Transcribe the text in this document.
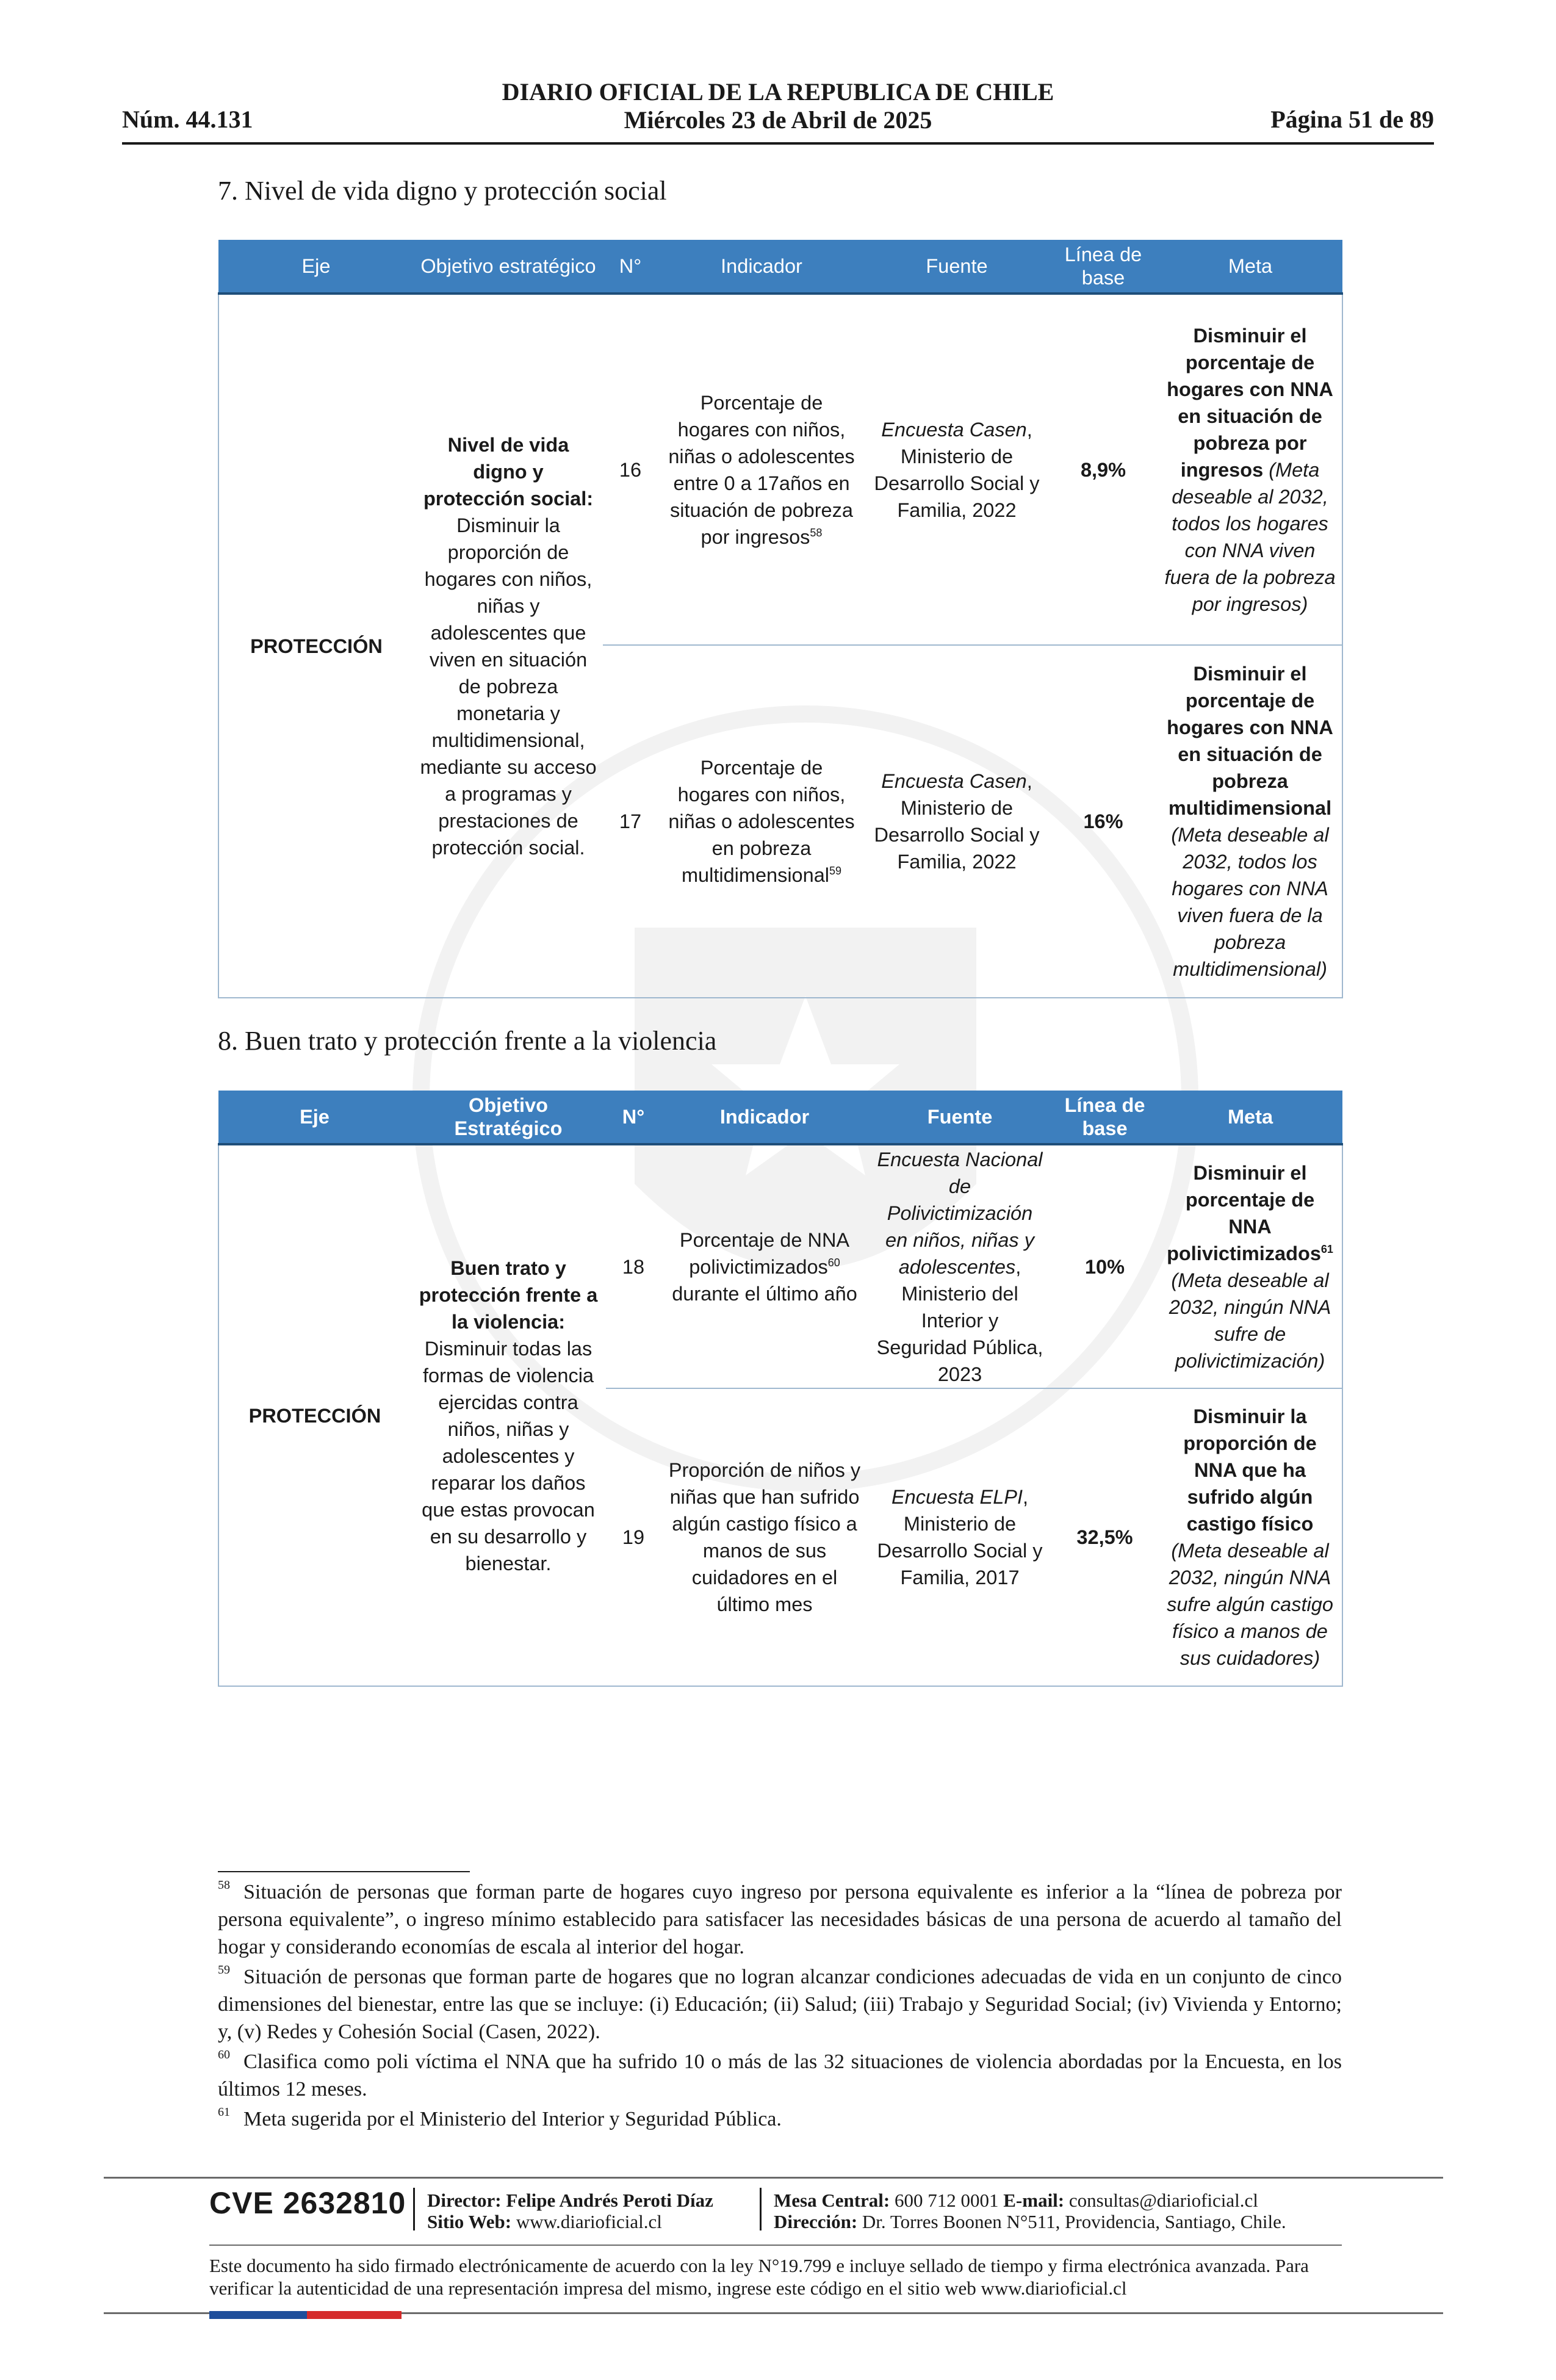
Núm. 44.131
DIARIO OFICIAL DE LA REPUBLICA DE CHILE
Miércoles 23 de Abril de 2025	Página 51 de 89
7. Nivel de vida digno y protección social
Eje	Objetivo estratégico	N°	Indicador	Fuente	Línea de base	Meta
PROTECCIÓN	Nivel de vida digno y protección social: Disminuir la proporción de hogares con niños, niñas y adolescentes que viven en situación de pobreza monetaria y multidimensional, mediante su acceso a programas y prestaciones de protección social.	16	Porcentaje de hogares con niños, niñas o adolescentes entre 0 a 17años en situación de pobreza por ingresos$^{58}$	Encuesta Casen, Ministerio de Desarrollo Social y Familia, 2022	8,9%	Disminuir el porcentaje de hogares con NNA en situación de pobreza por ingresos (Meta deseable al 2032, todos los hogares con NNA viven fuera de la pobreza por ingresos)
		17	Porcentaje de hogares con niños, niñas o adolescentes en pobreza multidimensional$^{59}$	Encuesta Casen, Ministerio de Desarrollo Social y Familia, 2022	16%	Disminuir el porcentaje de hogares con NNA en situación de pobreza multidimensional (Meta deseable al 2032, todos los hogares con NNA viven fuera de la pobreza multidimensional)
8. Buen trato y protección frente a la violencia
Eje	Objetivo Estratégico	N°	Indicador	Fuente	Línea de base	Meta
PROTECCIÓN	Buen trato y protección frente a la violencia: Disminuir todas las formas de violencia ejercidas contra niños, niñas y adolescentes y reparar los daños que estas provocan en su desarrollo y bienestar.	18	Porcentaje de NNA polivictimizados$^{60}$ durante el último año	Encuesta Nacional de Polivictimización en niños, niñas y adolescentes, Ministerio del Interior y Seguridad Pública, 2023	10%	Disminuir el porcentaje de NNA polivictimizados$^{61}$ (Meta deseable al 2032, ningún NNA sufre de polivictimización)
		19	Proporción de niños y niñas que han sufrido algún castigo físico a manos de sus cuidadores en el último mes	Encuesta ELPI, Ministerio de Desarrollo Social y Familia, 2017	32,5%	Disminuir la proporción de NNA que ha sufrido algún castigo físico (Meta deseable al 2032, ningún NNA sufre algún castigo físico a manos de sus cuidadores)

$^{58}$ Situación de personas que forman parte de hogares cuyo ingreso por persona equivalente es inferior a la “línea de pobreza por persona equivalente”, o ingreso mínimo establecido para satisfacer las necesidades básicas de una persona de acuerdo al tamaño del hogar y considerando economías de escala al interior del hogar.

$^{59}$ Situación de personas que forman parte de hogares que no logran alcanzar condiciones adecuadas de vida en un conjunto de cinco dimensiones del bienestar, entre las que se incluye: (i) Educación; (ii) Salud; (iii) Trabajo y Seguridad Social; (iv) Vivienda y Entorno; y, (v) Redes y Cohesión Social (Casen, 2022).

$^{60}$ Clasifica como poli víctima el NNA que ha sufrido 10 o más de las 32 situaciones de violencia abordadas por la Encuesta, en los últimos 12 meses.

$^{61}$ Meta sugerida por el Ministerio del Interior y Seguridad Pública.

CVE 2632810 Director: Felipe Andrés Peroti Díaz
Sitio Web: www.diarioficial.cl
Mesa Central: 600 712 0001 E-mail: consultas@diarioficial.cl
Dirección: Dr. Torres Boonen N°511, Providencia, Santiago, Chile.
Este documento ha sido firmado electrónicamente de acuerdo con la ley N°19.799 e incluye sellado de tiempo y firma electrónica avanzada. Para verificar la autenticidad de una representación impresa del mismo, ingrese este código en el sitio web www.diarioficial.cl
